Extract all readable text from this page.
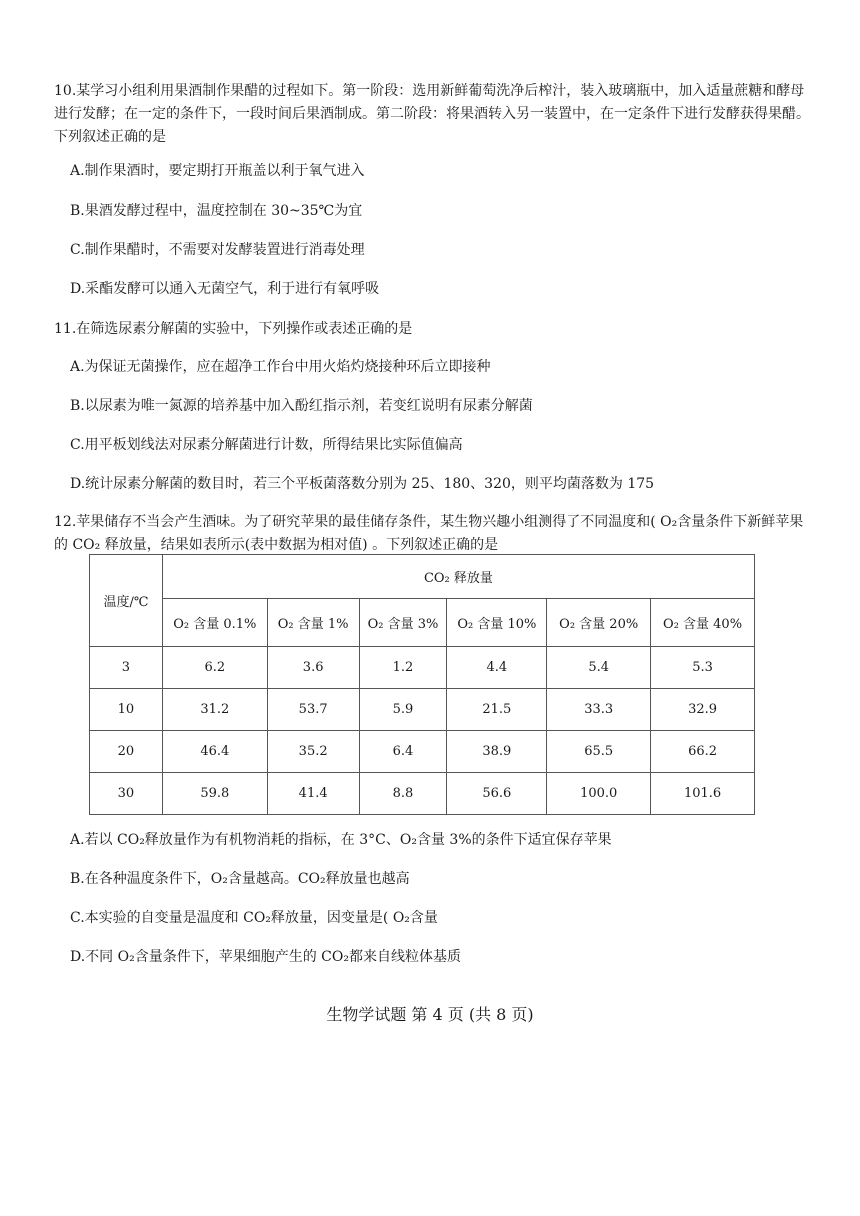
10.某学习小组利用果酒制作果醋的过程如下。第一阶段：选用新鲜葡萄洗净后榨汁，装入玻璃瓶中，加入适量蔗糖和酵母进行发酵；在一定的条件下，一段时间后果酒制成。第二阶段：将果酒转入另一装置中，在一定条件下进行发酵获得果醋。下列叙述正确的是
A.制作果酒时，要定期打开瓶盖以利于氧气进入
B.果酒发酵过程中，温度控制在 30~35℃为宜
C.制作果醋时，不需要对发酵装置进行消毒处理
D.采酯发酵可以通入无菌空气，利于进行有氧呼吸
11.在筛选尿素分解菌的实验中，下列操作或表述正确的是
A.为保证无菌操作，应在超净工作台中用火焰灼烧接种环后立即接种
B.以尿素为唯一氮源的培养基中加入酚红指示剂，若变红说明有尿素分解菌
C.用平板划线法对尿素分解菌进行计数，所得结果比实际值偏高
D.统计尿素分解菌的数目时，若三个平板菌落数分别为 25、180、320，则平均菌落数为 175
12.苹果储存不当会产生酒味。为了研究苹果的最佳储存条件，某生物兴趣小组测得了不同温度和( O₂含量条件下新鲜苹果的 CO₂ 释放量，结果如表所示(表中数据为相对值) 。下列叙述正确的是
温度/℃	CO₂ 释放量					
	O₂ 含量 0.1%	O₂ 含量 1%	O₂ 含量 3%	O₂ 含量 10%	O₂ 含量 20%	O₂ 含量 40%
3	6.2	3.6	1.2	4.4	5.4	5.3
10	31.2	53.7	5.9	21.5	33.3	32.9
20	46.4	35.2	6.4	38.9	65.5	66.2
30	59.8	41.4	8.8	56.6	100.0	101.6
A.若以 CO₂释放量作为有机物消耗的指标，在 3°C、O₂含量 3%的条件下适宜保存苹果
B.在各种温度条件下，O₂含量越高。CO₂释放量也越高
C.本实验的自变量是温度和 CO₂释放量，因变量是( O₂含量
D.不同 O₂含量条件下，苹果细胞产生的 CO₂都来自线粒体基质
生物学试题 第 4 页 (共 8 页)
